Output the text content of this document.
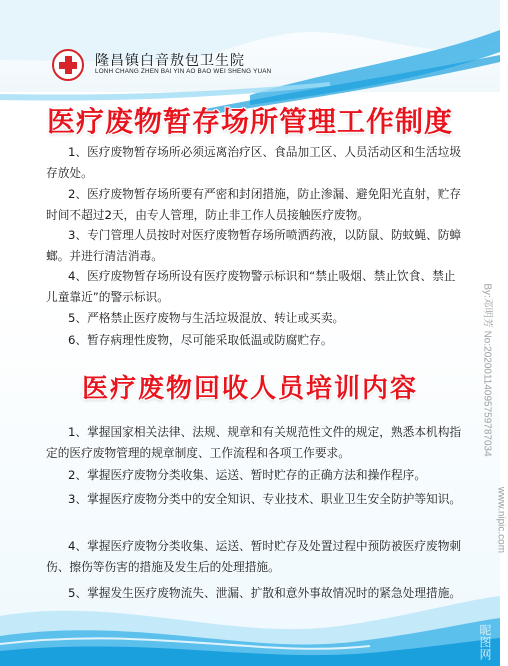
隆昌镇白音敖包卫生院
LONH CHANG ZHEN BAI YIN AO BAO WEI SHENG YUAN
医疗废物暂存场所管理工作制度
1、医疗废物暂存场所必须远离治疗区、食品加工区、人员活动区和生活垃圾存放处。
2、医疗废物暂存场所要有严密和封闭措施，防止渗漏、避免阳光直射，贮存时间不超过2天，由专人管理，防止非工作人员接触医疗废物。
3、专门管理人员按时对医疗废物暂存场所喷洒药液，以防鼠、防蚊蝇、防蟑螂。并进行清洁消毒。
4、医疗废物暂存场所设有医疗废物警示标识和“禁止吸烟、禁止饮食、禁止儿童靠近”的警示标识。
5、严格禁止医疗废物与生活垃圾混放、转让或买卖。
6、暂存病理性废物，尽可能采取低温或防腐贮存。
医疗废物回收人员培训内容
1、掌握国家相关法律、法规、规章和有关规范性文件的规定，熟悉本机构指定的医疗废物管理的规章制度、工作流程和各项工作要求。
2、掌握医疗废物分类收集、运送、暂时贮存的正确方法和操作程序。
3、掌握医疗废物分类中的安全知识、专业技术、职业卫生安全防护等知识。
4、掌握医疗废物分类收集、运送、暂时贮存及处置过程中预防被医疗废物刺伤、擦伤等伤害的措施及发生后的处理措施。
5、掌握发生医疗废物流失、泄漏、扩散和意外事故情况时的紧急处理措施。
By:邓明芳 No:20200114095759787034
www.nipic.com
昵图网
